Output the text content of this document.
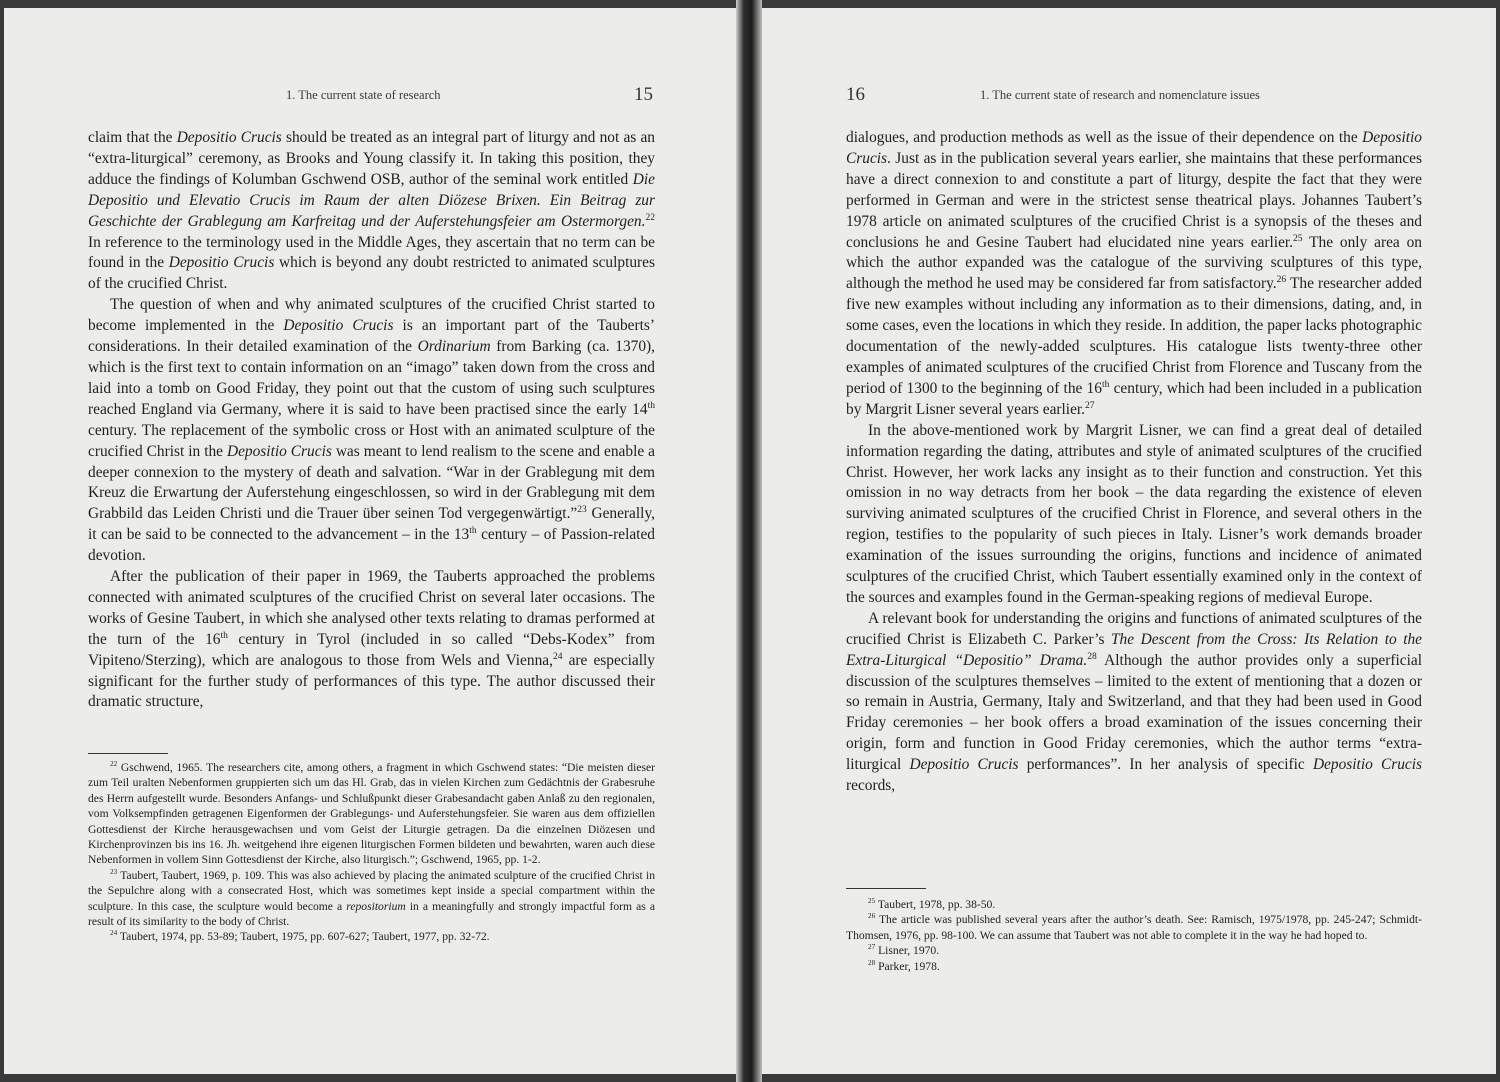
1. The current state of research	15

claim that the Depositio Crucis should be treated as an integral part of liturgy and not as an “extra-liturgical” ceremony, as Brooks and Young classify it. In taking this position, they adduce the findings of Kolumban Gschwend OSB, author of the seminal work entitled Die Depositio und Elevatio Crucis im Raum der alten Diözese Brixen. Ein Beitrag zur Geschichte der Grablegung am Karfreitag und der Auferstehungsfeier am Ostermorgen.$^{22}$ In reference to the terminology used in the Middle Ages, they ascertain that no term can be found in the Depositio Crucis which is beyond any doubt restricted to animated sculptures of the crucified Christ.

The question of when and why animated sculptures of the crucified Christ started to become implemented in the Depositio Crucis is an important part of the Tauberts’ considerations. In their detailed examination of the Ordinarium from Barking (ca. 1370), which is the first text to contain information on an “imago” taken down from the cross and laid into a tomb on Good Friday, they point out that the custom of using such sculptures reached England via Germany, where it is said to have been practised since the early 14th century. The replacement of the symbolic cross or Host with an animated sculpture of the crucified Christ in the Depositio Crucis was meant to lend realism to the scene and enable a deeper connexion to the mystery of death and salvation. “War in der Grablegung mit dem Kreuz die Erwartung der Auferstehung eingeschlossen, so wird in der Grablegung mit dem Grabbild das Leiden Christi und die Trauer über seinen Tod vergegenwärtigt.”$^{23}$ Generally, it can be said to be connected to the advancement – in the 13th century – of Passion-related devotion.

After the publication of their paper in 1969, the Tauberts approached the problems connected with animated sculptures of the crucified Christ on several later occasions. The works of Gesine Taubert, in which she analysed other texts relating to dramas performed at the turn of the 16th century in Tyrol (included in so called “Debs-Kodex” from Vipiteno/Sterzing), which are analogous to those from Wels and Vienna,$^{24}$ are especially significant for the further study of performances of this type. The author discussed their dramatic structure,

$^{22}$ Gschwend, 1965. The researchers cite, among others, a fragment in which Gschwend states: “Die meisten dieser zum Teil uralten Nebenformen gruppierten sich um das Hl. Grab, das in vielen Kirchen zum Gedächtnis der Grabesruhe des Herrn aufgestellt wurde. Besonders Anfangs- und Schlußpunkt dieser Grabesandacht gaben Anlaß zu den regionalen, vom Volksempfinden getragenen Eigenformen der Grablegungs- und Auferstehungsfeier. Sie waren aus dem offiziellen Gottesdienst der Kirche herausgewachsen und vom Geist der Liturgie getragen. Da die einzelnen Diözesen und Kirchenprovinzen bis ins 16. Jh. weitgehend ihre eigenen liturgischen Formen bildeten und bewahrten, waren auch diese Nebenformen in vollem Sinn Gottesdienst der Kirche, also liturgisch.”; Gschwend, 1965, pp. 1-2.

$^{23}$ Taubert, Taubert, 1969, p. 109. This was also achieved by placing the animated sculpture of the crucified Christ in the Sepulchre along with a consecrated Host, which was sometimes kept inside a special compartment within the sculpture. In this case, the sculpture would become a repositorium in a meaningfully and strongly impactful form as a result of its similarity to the body of Christ.

$^{24}$ Taubert, 1974, pp. 53-89; Taubert, 1975, pp. 607-627; Taubert, 1977, pp. 32-72.

16	1. The current state of research and nomenclature issues

dialogues, and production methods as well as the issue of their dependence on the Depositio Crucis. Just as in the publication several years earlier, she maintains that these performances have a direct connexion to and constitute a part of liturgy, despite the fact that they were performed in German and were in the strictest sense theatrical plays. Johannes Taubert’s 1978 article on animated sculptures of the crucified Christ is a synopsis of the theses and conclusions he and Gesine Taubert had elucidated nine years earlier.$^{25}$ The only area on which the author expanded was the catalogue of the surviving sculptures of this type, although the method he used may be considered far from satisfactory.$^{26}$ The researcher added five new examples without including any information as to their dimensions, dating, and, in some cases, even the locations in which they reside. In addition, the paper lacks photographic documentation of the newly-added sculptures. His catalogue lists twenty-three other examples of animated sculptures of the crucified Christ from Florence and Tuscany from the period of 1300 to the beginning of the 16th century, which had been included in a publication by Margrit Lisner several years earlier.$^{27}$

In the above-mentioned work by Margrit Lisner, we can find a great deal of detailed information regarding the dating, attributes and style of animated sculptures of the crucified Christ. However, her work lacks any insight as to their function and construction. Yet this omission in no way detracts from her book – the data regarding the existence of eleven surviving animated sculptures of the crucified Christ in Florence, and several others in the region, testifies to the popularity of such pieces in Italy. Lisner’s work demands broader examination of the issues surrounding the origins, functions and incidence of animated sculptures of the crucified Christ, which Taubert essentially examined only in the context of the sources and examples found in the German-speaking regions of medieval Europe.

A relevant book for understanding the origins and functions of animated sculptures of the crucified Christ is Elizabeth C. Parker’s The Descent from the Cross: Its Relation to the Extra-Liturgical “Depositio” Drama.$^{28}$ Although the author provides only a superficial discussion of the sculptures themselves – limited to the extent of mentioning that a dozen or so remain in Austria, Germany, Italy and Switzerland, and that they had been used in Good Friday ceremonies – her book offers a broad examination of the issues concerning their origin, form and function in Good Friday ceremonies, which the author terms “extra-liturgical Depositio Crucis performances”. In her analysis of specific Depositio Crucis records,

$^{25}$ Taubert, 1978, pp. 38-50.

$^{26}$ The article was published several years after the author’s death. See: Ramisch, 1975/1978, pp. 245-247; Schmidt-Thomsen, 1976, pp. 98-100. We can assume that Taubert was not able to complete it in the way he had hoped to.

$^{27}$ Lisner, 1970.

$^{28}$ Parker, 1978.
